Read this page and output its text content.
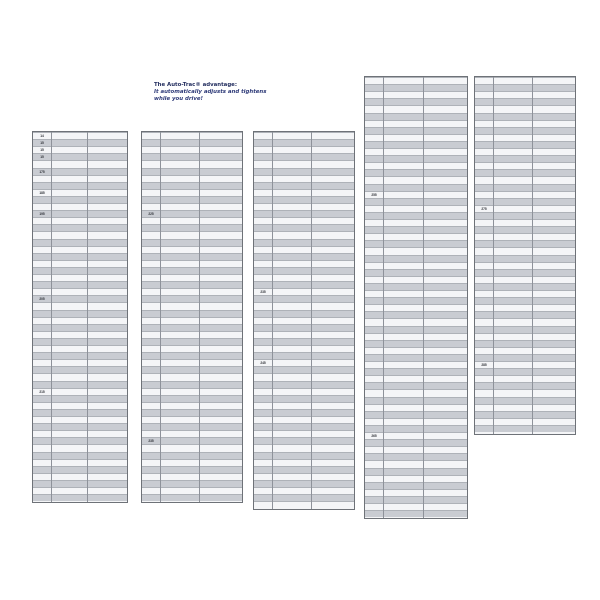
The Auto-Trac® advantage:
It automatically adjusts and tightens
while you drive!
14
15
15
15
175
185
195
205
215
225
235
235
245
255
265
275
285
